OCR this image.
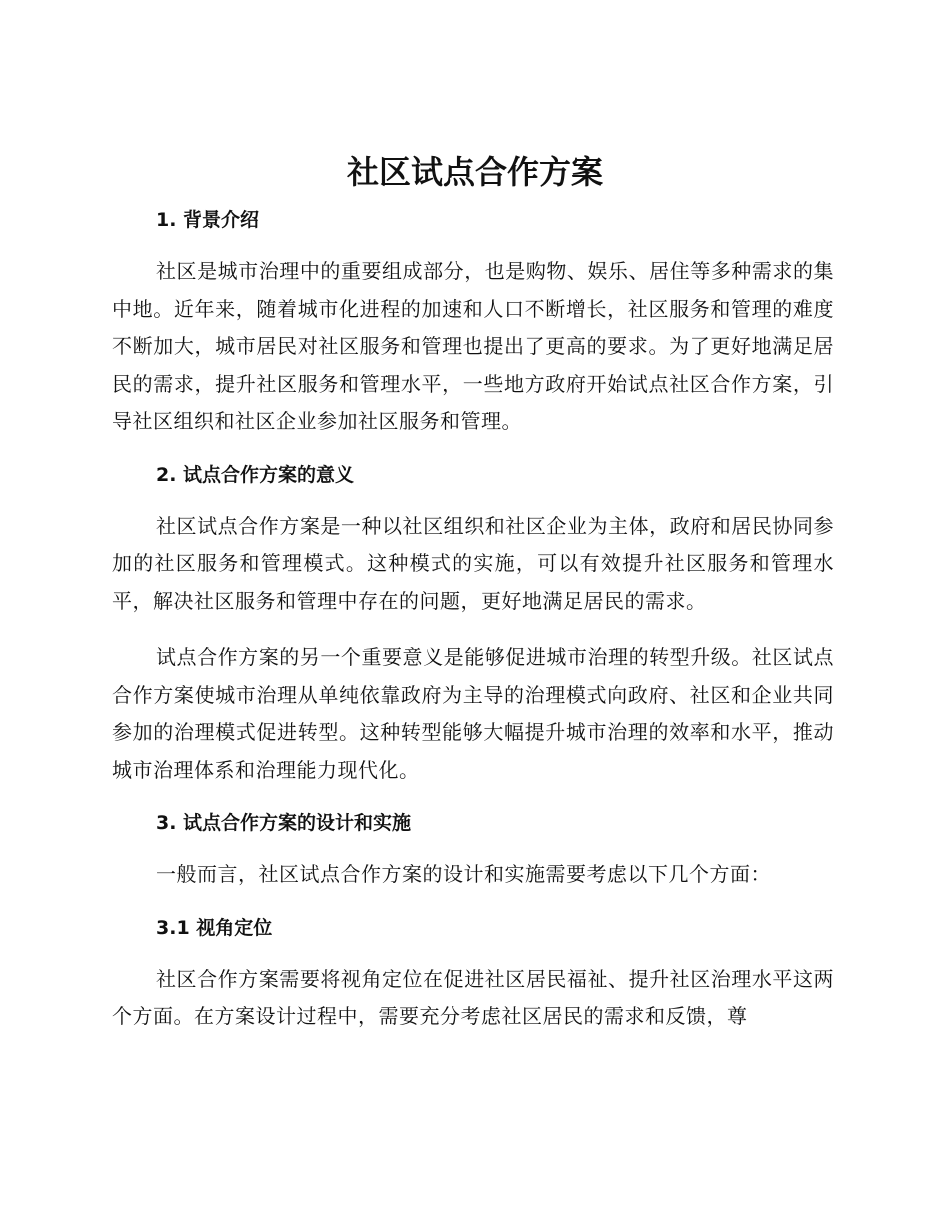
社区试点合作方案
1. 背景介绍

社区是城市治理中的重要组成部分，也是购物、娱乐、居住等多种需求的集中地。近年来，随着城市化进程的加速和人口不断增长，社区服务和管理的难度不断加大，城市居民对社区服务和管理也提出了更高的要求。为了更好地满足居民的需求，提升社区服务和管理水平，一些地方政府开始试点社区合作方案，引导社区组织和社区企业参加社区服务和管理。

2. 试点合作方案的意义

社区试点合作方案是一种以社区组织和社区企业为主体，政府和居民协同参加的社区服务和管理模式。这种模式的实施，可以有效提升社区服务和管理水平，解决社区服务和管理中存在的问题，更好地满足居民的需求。

试点合作方案的另一个重要意义是能够促进城市治理的转型升级。社区试点合作方案使城市治理从单纯依靠政府为主导的治理模式向政府、社区和企业共同参加的治理模式促进转型。这种转型能够大幅提升城市治理的效率和水平，推动城市治理体系和治理能力现代化。

3. 试点合作方案的设计和实施

一般而言，社区试点合作方案的设计和实施需要考虑以下几个方面：

3.1 视角定位

社区合作方案需要将视角定位在促进社区居民福祉、提升社区治理水平这两个方面。在方案设计过程中，需要充分考虑社区居民的需求和反馈，尊
